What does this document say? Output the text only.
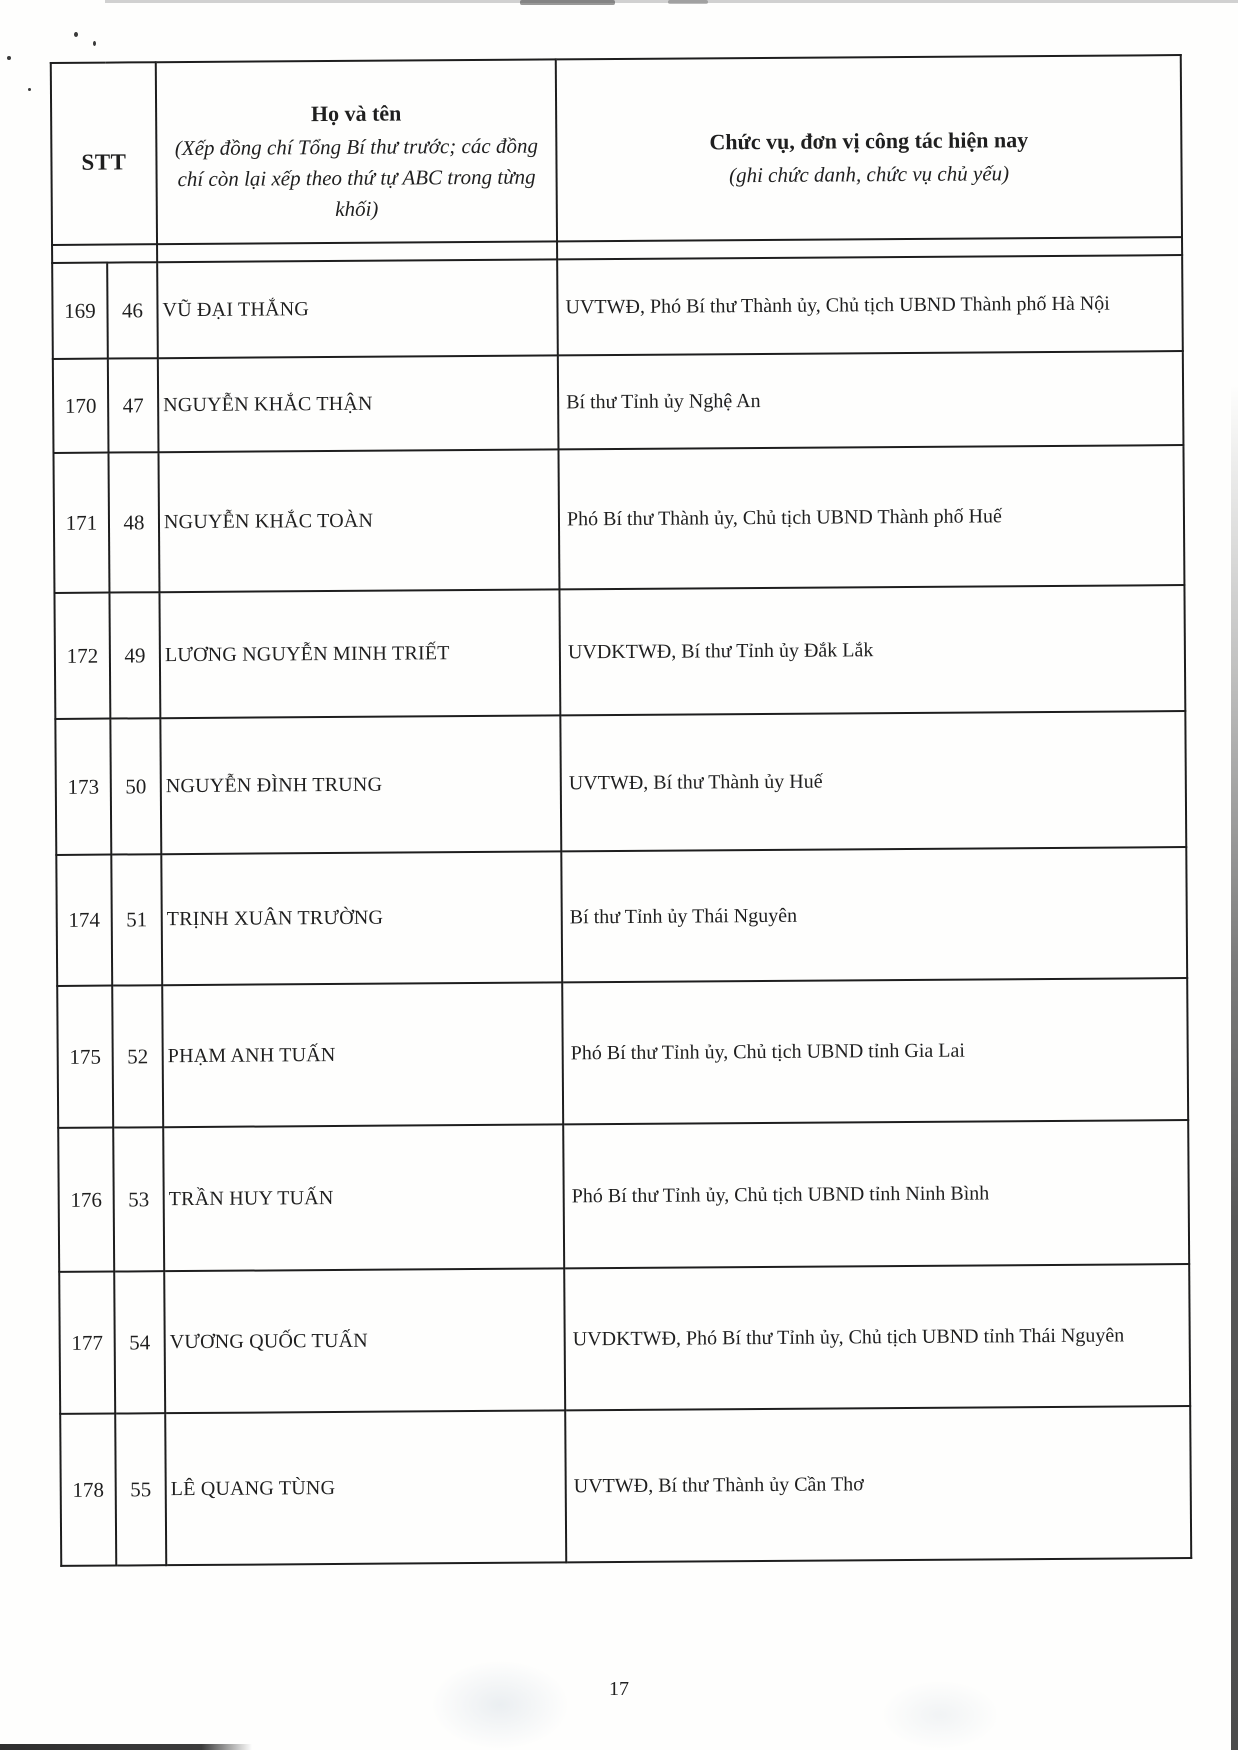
STT	
Họ và tên
(Xếp đồng chí Tổng Bí thư trước; các đồng chí còn lại xếp theo thứ tự ABC trong từng khối)

Chức vụ, đơn vị công tác hiện nay
(ghi chức danh, chức vụ chủ yếu)

169	46	VŨ ĐẠI THẮNG	UVTWĐ, Phó Bí thư Thành ủy, Chủ tịch UBND Thành phố Hà Nội
170	47	NGUYỄN KHẮC THẬN	Bí thư Tỉnh ủy Nghệ An
171	48	NGUYỄN KHẮC TOÀN	Phó Bí thư Thành ủy, Chủ tịch UBND Thành phố Huế
172	49	LƯƠNG NGUYỄN MINH TRIẾT	UVDKTWĐ, Bí thư Tỉnh ủy Đắk Lắk
173	50	NGUYỄN ĐÌNH TRUNG	UVTWĐ, Bí thư Thành ủy Huế
174	51	TRỊNH XUÂN TRƯỜNG	Bí thư Tỉnh ủy Thái Nguyên
175	52	PHẠM ANH TUẤN	Phó Bí thư Tỉnh ủy, Chủ tịch UBND tỉnh Gia Lai
176	53	TRẦN HUY TUẤN	Phó Bí thư Tỉnh ủy, Chủ tịch UBND tỉnh Ninh Bình
177	54	VƯƠNG QUỐC TUẤN	UVDKTWĐ, Phó Bí thư Tỉnh ủy, Chủ tịch UBND tỉnh Thái Nguyên
178	55	LÊ QUANG TÙNG	UVTWĐ, Bí thư Thành ủy Cần Thơ
17
